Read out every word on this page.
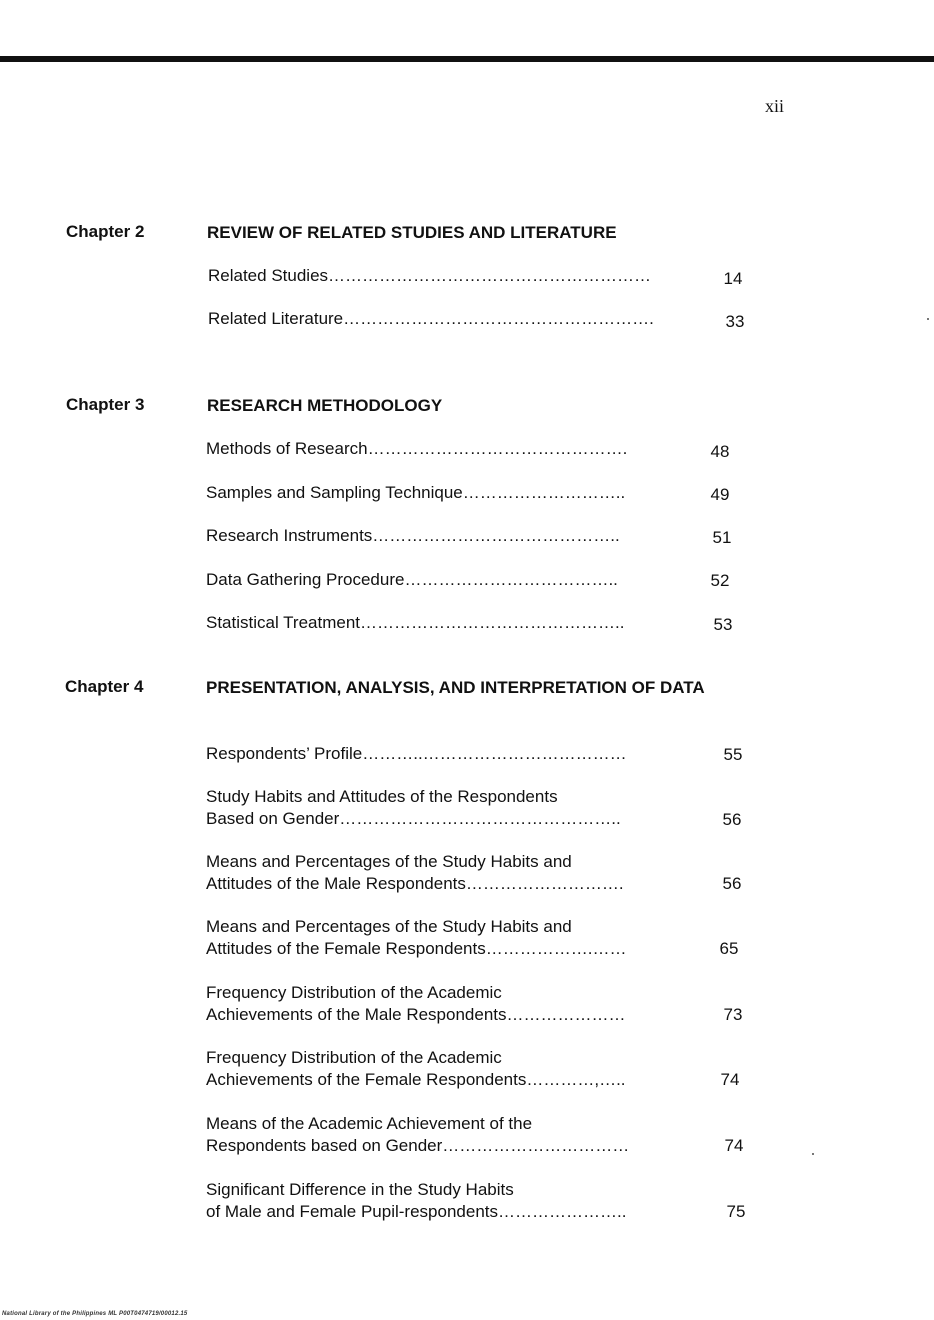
xii
Chapter 2	REVIEW OF RELATED STUDIES AND LITERATURE
Related Studies…………………………………………………	14
Related Literature……………………………………………….	33
Chapter 3	RESEARCH METHODOLOGY
Methods of Research……………………………………….	48
Samples and Sampling Technique………………………..	49
Research Instruments……………………………………..	51
Data Gathering Procedure………………………………..	52
Statistical Treatment………………………………………..	53
Chapter 4	PRESENTATION, ANALYSIS, AND INTERPRETATION OF DATA
Respondents’ Profile………..………………………………	55
Study Habits and Attitudes of the Respondents
Based on Gender…………………………………………..	56
Means and Percentages of the Study Habits and
Attitudes of the Male Respondents……………………….	56
Means and Percentages of the Study Habits and
Attitudes of the Female Respondents……………….……	65
Frequency Distribution of the Academic
Achievements of the Male Respondents…………………	73
Frequency Distribution of the Academic
Achievements of the Female Respondents…………,…..	74
Means of the Academic Achievement of the
Respondents based on Gender……………………………	74
Significant Difference in the Study Habits
of Male and Female Pupil-respondents…………………..	75
National Library of the Philippines ML P00T0474719/00012.15
